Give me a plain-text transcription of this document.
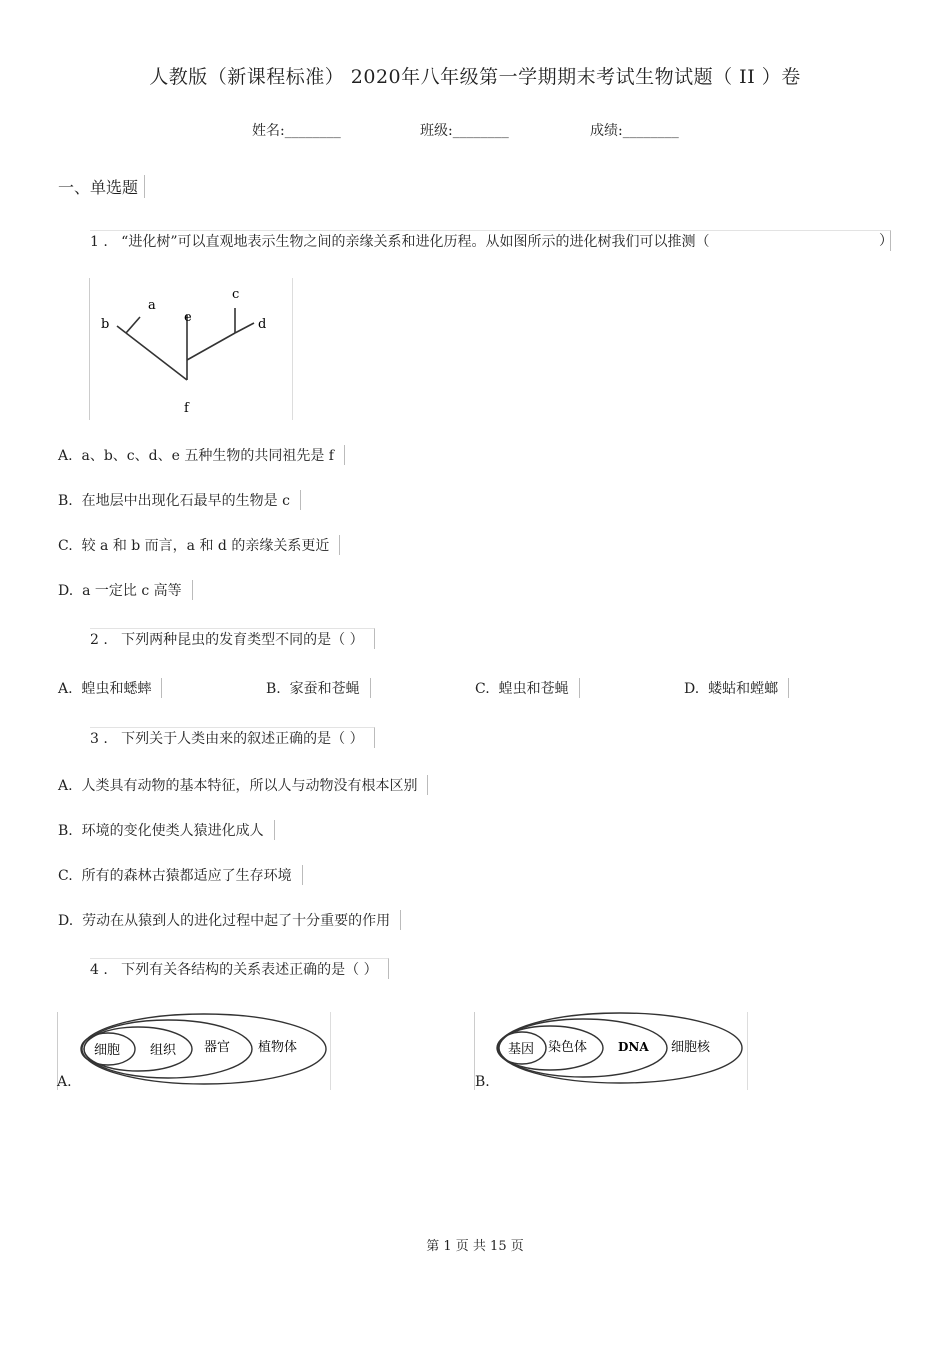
人教版（新课程标准） 2020年八年级第一学期期末考试生物试题（ II ）卷
姓名:________	班级:________	成绩:________
一、单选题
1 . “进化树”可以直观地表示生物之间的亲缘关系和进化历程。从如图所示的进化树我们可以推测（	）
a
b
c
d
e
f
A. a、b、c、d、e 五种生物的共同祖先是 f
B. 在地层中出现化石最早的生物是 c
C. 较 a 和 b 而言，a 和 d 的亲缘关系更近
D. a 一定比 c 高等
2 . 下列两种昆虫的发育类型不同的是（ ）
A. 蝗虫和蟋蟀	B. 家蚕和苍蝇	C. 蝗虫和苍蝇	D. 蝼蛄和螳螂
3 . 下列关于人类由来的叙述正确的是（ ）
A. 人类具有动物的基本特征，所以人与动物没有根本区别
B. 环境的变化使类人猿进化成人
C. 所有的森林古猿都适应了生存环境
D. 劳动在从猿到人的进化过程中起了十分重要的作用
4 . 下列有关各结构的关系表述正确的是（ ）
细胞 组织 器官 植物体
A.
基因 染色体	DNA 细胞核
B.
第 1 页 共 15 页
